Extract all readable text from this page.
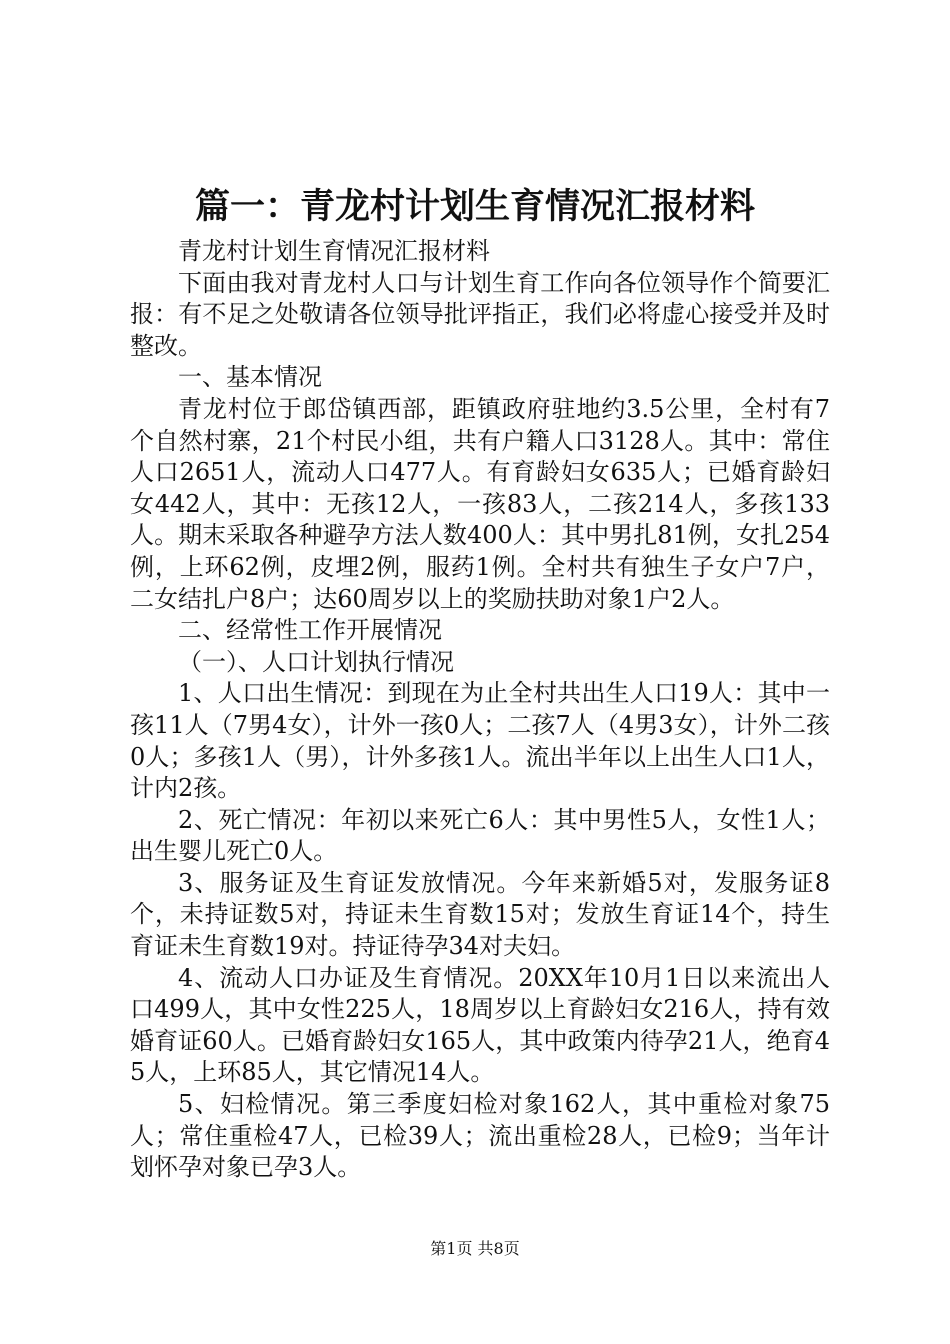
篇一：青龙村计划生育情况汇报材料

青龙村计划生育情况汇报材料

下面由我对青龙村人口与计划生育工作向各位领导作个简要汇报：有不足之处敬请各位领导批评指正，我们必将虚心接受并及时整改。

一、基本情况

青龙村位于郎岱镇西部，距镇政府驻地约3.5公里，全村有7个自然村寨，21个村民小组，共有户籍人口3128人。其中：常住人口2651人，流动人口477人。有育龄妇女635人；已婚育龄妇女442人，其中：无孩12人，一孩83人，二孩214人，多孩133人。期末采取各种避孕方法人数400人：其中男扎81例，女扎254例，上环62例，皮埋2例，服药1例。全村共有独生子女户7户，二女结扎户8户；达60周岁以上的奖励扶助对象1户2人。

二、经常性工作开展情况

（一）、人口计划执行情况

1、人口出生情况：到现在为止全村共出生人口19人：其中一孩11人（7男4女），计外一孩0人；二孩7人（4男3女），计外二孩0人；多孩1人（男），计外多孩1人。流出半年以上出生人口1人，计内2孩。

2、死亡情况：年初以来死亡6人：其中男性5人，女性1人；出生婴儿死亡0人。

3、服务证及生育证发放情况。今年来新婚5对，发服务证8个，未持证数5对，持证未生育数15对；发放生育证14个，持生育证未生育数19对。持证待孕34对夫妇。

4、流动人口办证及生育情况。20XX年10月1日以来流出人口499人，其中女性225人，18周岁以上育龄妇女216人，持有效婚育证60人。已婚育龄妇女165人，其中政策内待孕21人，绝育45人，上环85人，其它情况14人。

5、妇检情况。第三季度妇检对象162人，其中重检对象75人；常住重检47人，已检39人；流出重检28人，已检9；当年计划怀孕对象已孕3人。

第1页 共8页
